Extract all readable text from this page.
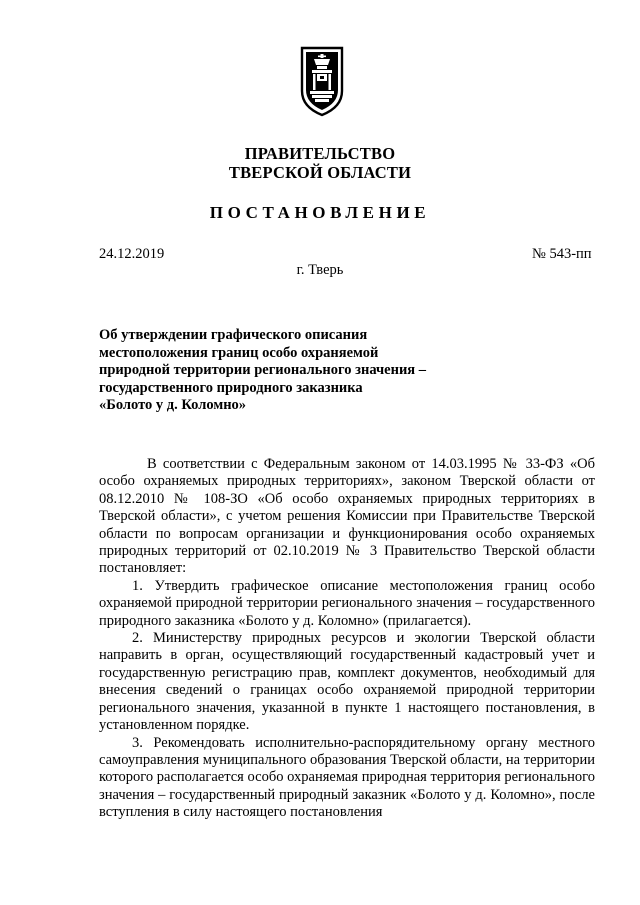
ПРАВИТЕЛЬСТВО
ТВЕРСКОЙ ОБЛАСТИ
ПОСТАНОВЛЕНИЕ
24.12.2019	№ 543-пп
г. Тверь
Об утверждении графического описания
местоположения границ особо охраняемой
природной территории регионального значения –
государственного природного заказника
«Болото у д. Коломно»

В соответствии с Федеральным законом от 14.03.1995 № 33-ФЗ «Об особо охраняемых природных территориях», законом Тверской области от 08.12.2010 № 108-ЗО «Об особо охраняемых природных территориях в Тверской области», с учетом решения Комиссии при Правительстве Тверской области по вопросам организации и функционирования особо охраняемых природных территорий от 02.10.2019 № 3 Правительство Тверской области постановляет:

1. Утвердить графическое описание местоположения границ особо охраняемой природной территории регионального значения – государственного природного заказника «Болото у д. Коломно» (прилагается).

2. Министерству природных ресурсов и экологии Тверской области направить в орган, осуществляющий государственный кадастровый учет и государственную регистрацию прав, комплект документов, необходимый для внесения сведений о границах особо охраняемой природной территории регионального значения, указанной в пункте 1 настоящего постановления, в установленном порядке.

3. Рекомендовать исполнительно-распорядительному органу местного самоуправления муниципального образования Тверской области, на территории которого располагается особо охраняемая природная территория регионального значения – государственный природный заказник «Болото у д. Коломно», после вступления в силу настоящего постановления
